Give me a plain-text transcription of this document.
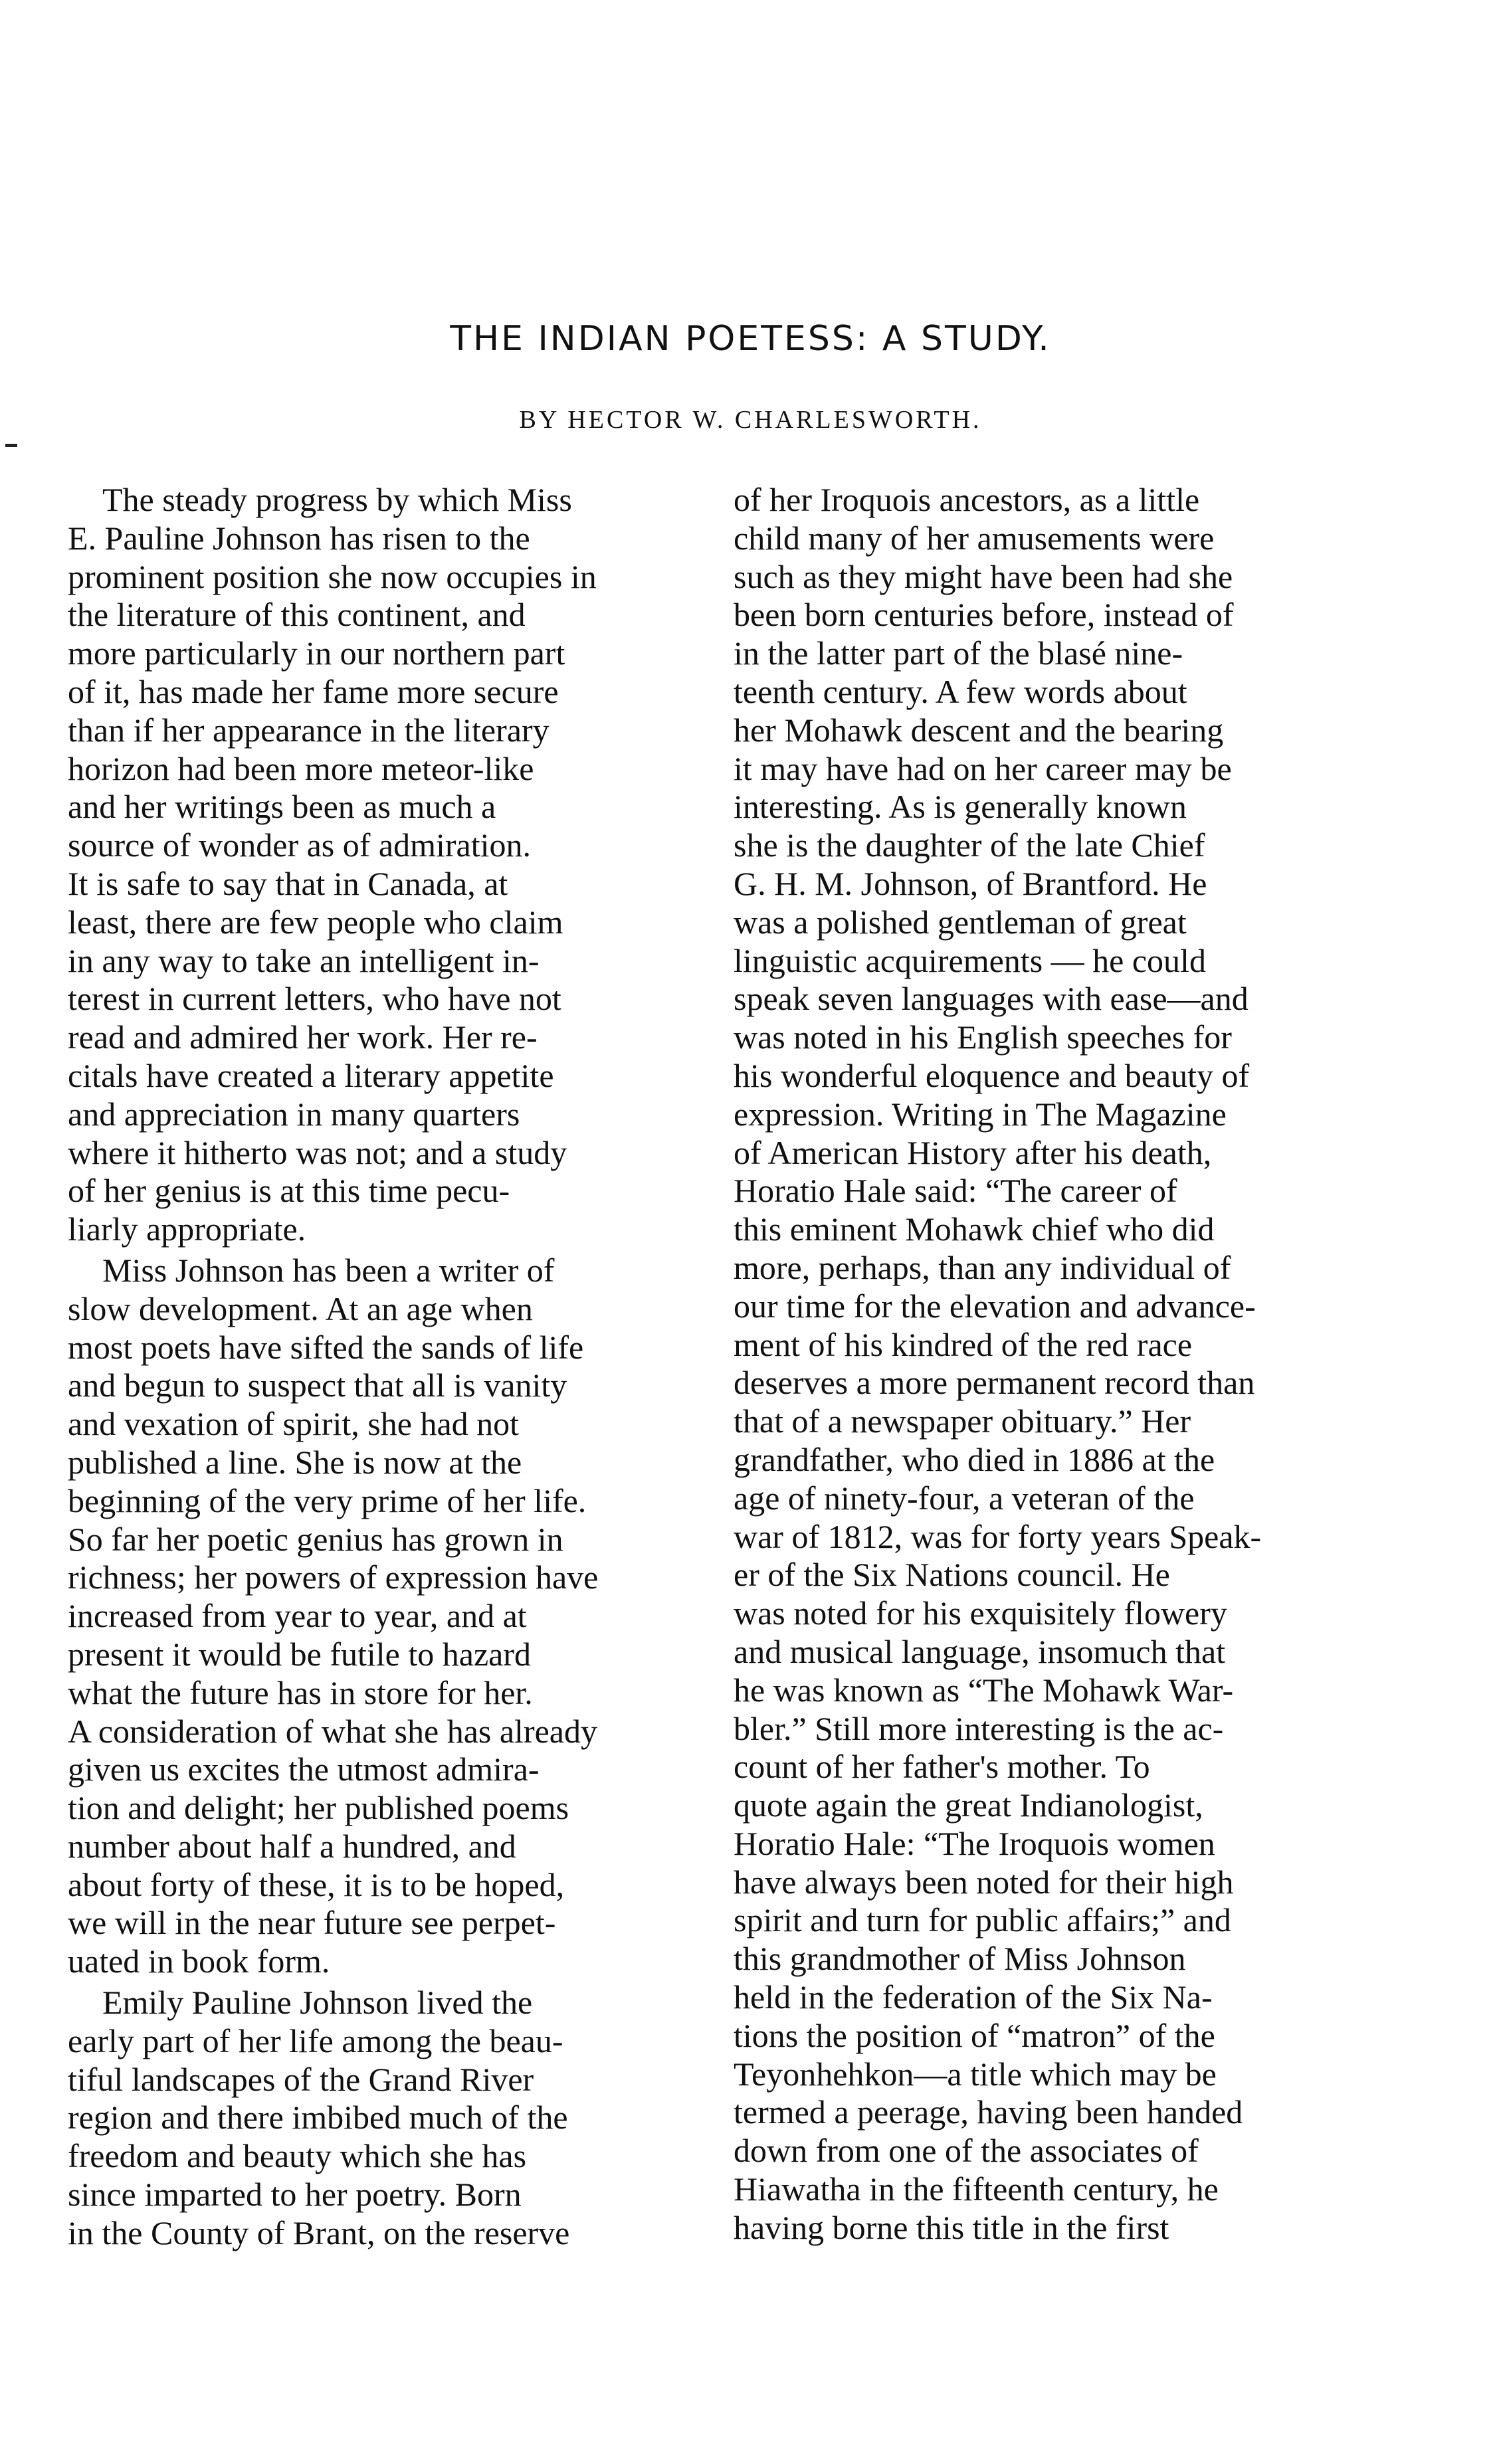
THE INDIAN POETESS: A STUDY.
BY HECTOR W. CHARLESWORTH.

The steady progress by which Miss
E. Pauline Johnson has risen to the
prominent position she now occupies in
the literature of this continent, and
more particularly in our northern part
of it, has made her fame more secure
than if her appearance in the literary
horizon had been more meteor-like
and her writings been as much a
source of wonder as of admiration.
It is safe to say that in Canada, at
least, there are few people who claim
in any way to take an intelligent in-
terest in current letters, who have not
read and admired her work. Her re-
citals have created a literary appetite
and appreciation in many quarters
where it hitherto was not; and a study
of her genius is at this time pecu-
liarly appropriate.

Miss Johnson has been a writer of
slow development. At an age when
most poets have sifted the sands of life
and begun to suspect that all is vanity
and vexation of spirit, she had not
published a line. She is now at the
beginning of the very prime of her life.
So far her poetic genius has grown in
richness; her powers of expression have
increased from year to year, and at
present it would be futile to hazard
what the future has in store for her.
A consideration of what she has already
given us excites the utmost admira-
tion and delight; her published poems
number about half a hundred, and
about forty of these, it is to be hoped,
we will in the near future see perpet-
uated in book form.

Emily Pauline Johnson lived the
early part of her life among the beau-
tiful landscapes of the Grand River
region and there imbibed much of the
freedom and beauty which she has
since imparted to her poetry. Born
in the County of Brant, on the reserve

of her Iroquois ancestors, as a little
child many of her amusements were
such as they might have been had she
been born centuries before, instead of
in the latter part of the blasé nine-
teenth century. A few words about
her Mohawk descent and the bearing
it may have had on her career may be
interesting. As is generally known
she is the daughter of the late Chief
G. H. M. Johnson, of Brantford. He
was a polished gentleman of great
linguistic acquirements — he could
speak seven languages with ease—and
was noted in his English speeches for
his wonderful eloquence and beauty of
expression. Writing in The Magazine
of American History after his death,
Horatio Hale said: “The career of
this eminent Mohawk chief who did
more, perhaps, than any individual of
our time for the elevation and advance-
ment of his kindred of the red race
deserves a more permanent record than
that of a newspaper obituary.” Her
grandfather, who died in 1886 at the
age of ninety-four, a veteran of the
war of 1812, was for forty years Speak-
er of the Six Nations council. He
was noted for his exquisitely flowery
and musical language, insomuch that
he was known as “The Mohawk War-
bler.” Still more interesting is the ac-
count of her father's mother. To
quote again the great Indianologist,
Horatio Hale: “The Iroquois women
have always been noted for their high
spirit and turn for public affairs;” and
this grandmother of Miss Johnson
held in the federation of the Six Na-
tions the position of “matron” of the
Teyonhehkon—a title which may be
termed a peerage, having been handed
down from one of the associates of
Hiawatha in the fifteenth century, he
having borne this title in the first
